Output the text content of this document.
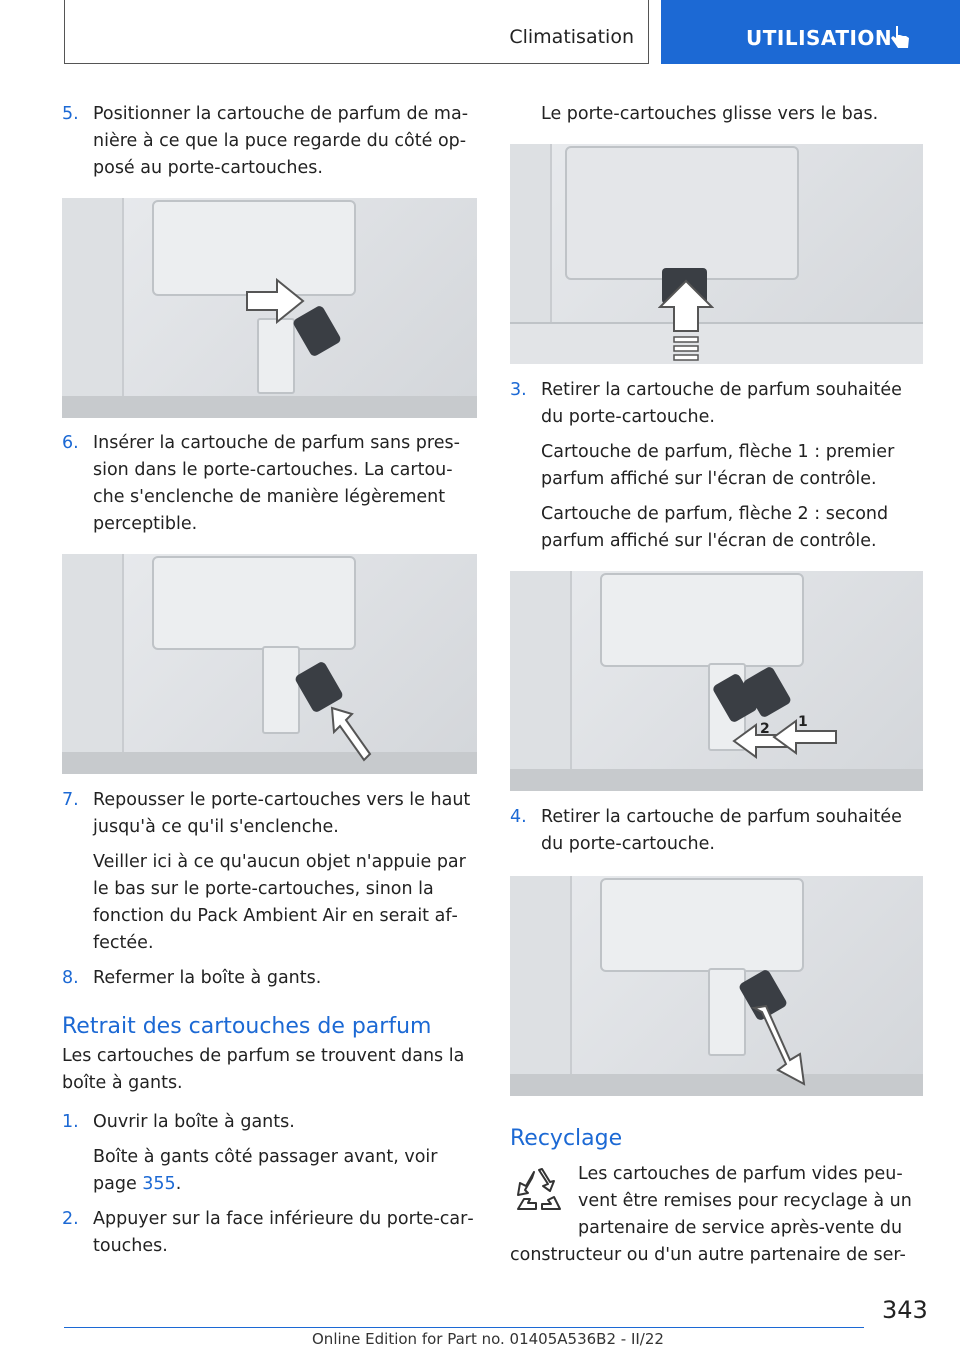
Climatisation	UTILISATION
5. Positionner la cartouche de parfum de manière à ce que la puce regarde du côté opposé au porte-cartouches.
6. Insérer la cartouche de parfum sans pression dans le porte-cartouches. La cartouche s'enclenche de manière légèrement perceptible.
7. Repousser le porte-cartouches vers le haut jusqu'à ce qu'il s'enclenche.
Veiller ici à ce qu'aucun objet n'appuie par le bas sur le porte-cartouches, sinon la fonction du Pack Ambient Air en serait affectée.
8. Refermer la boîte à gants.
Retrait des cartouches de parfum
Les cartouches de parfum se trouvent dans la boîte à gants.
1. Ouvrir la boîte à gants.
Boîte à gants côté passager avant, voir page 355.
2. Appuyer sur la face inférieure du porte-cartouches.
Le porte-cartouches glisse vers le bas.
3. Retirer la cartouche de parfum souhaitée du porte-cartouche.
Cartouche de parfum, flèche 1 : premier parfum affiché sur l'écran de contrôle.
Cartouche de parfum, flèche 2 : second parfum affiché sur l'écran de contrôle.
2 1
4. Retirer la cartouche de parfum souhaitée du porte-cartouche.
Recyclage
Les cartouches de parfum vides peuvent être remises pour recyclage à un partenaire de service après-vente du constructeur ou d'un autre partenaire de ser-
343
Online Edition for Part no. 01405A536B2 - II/22
